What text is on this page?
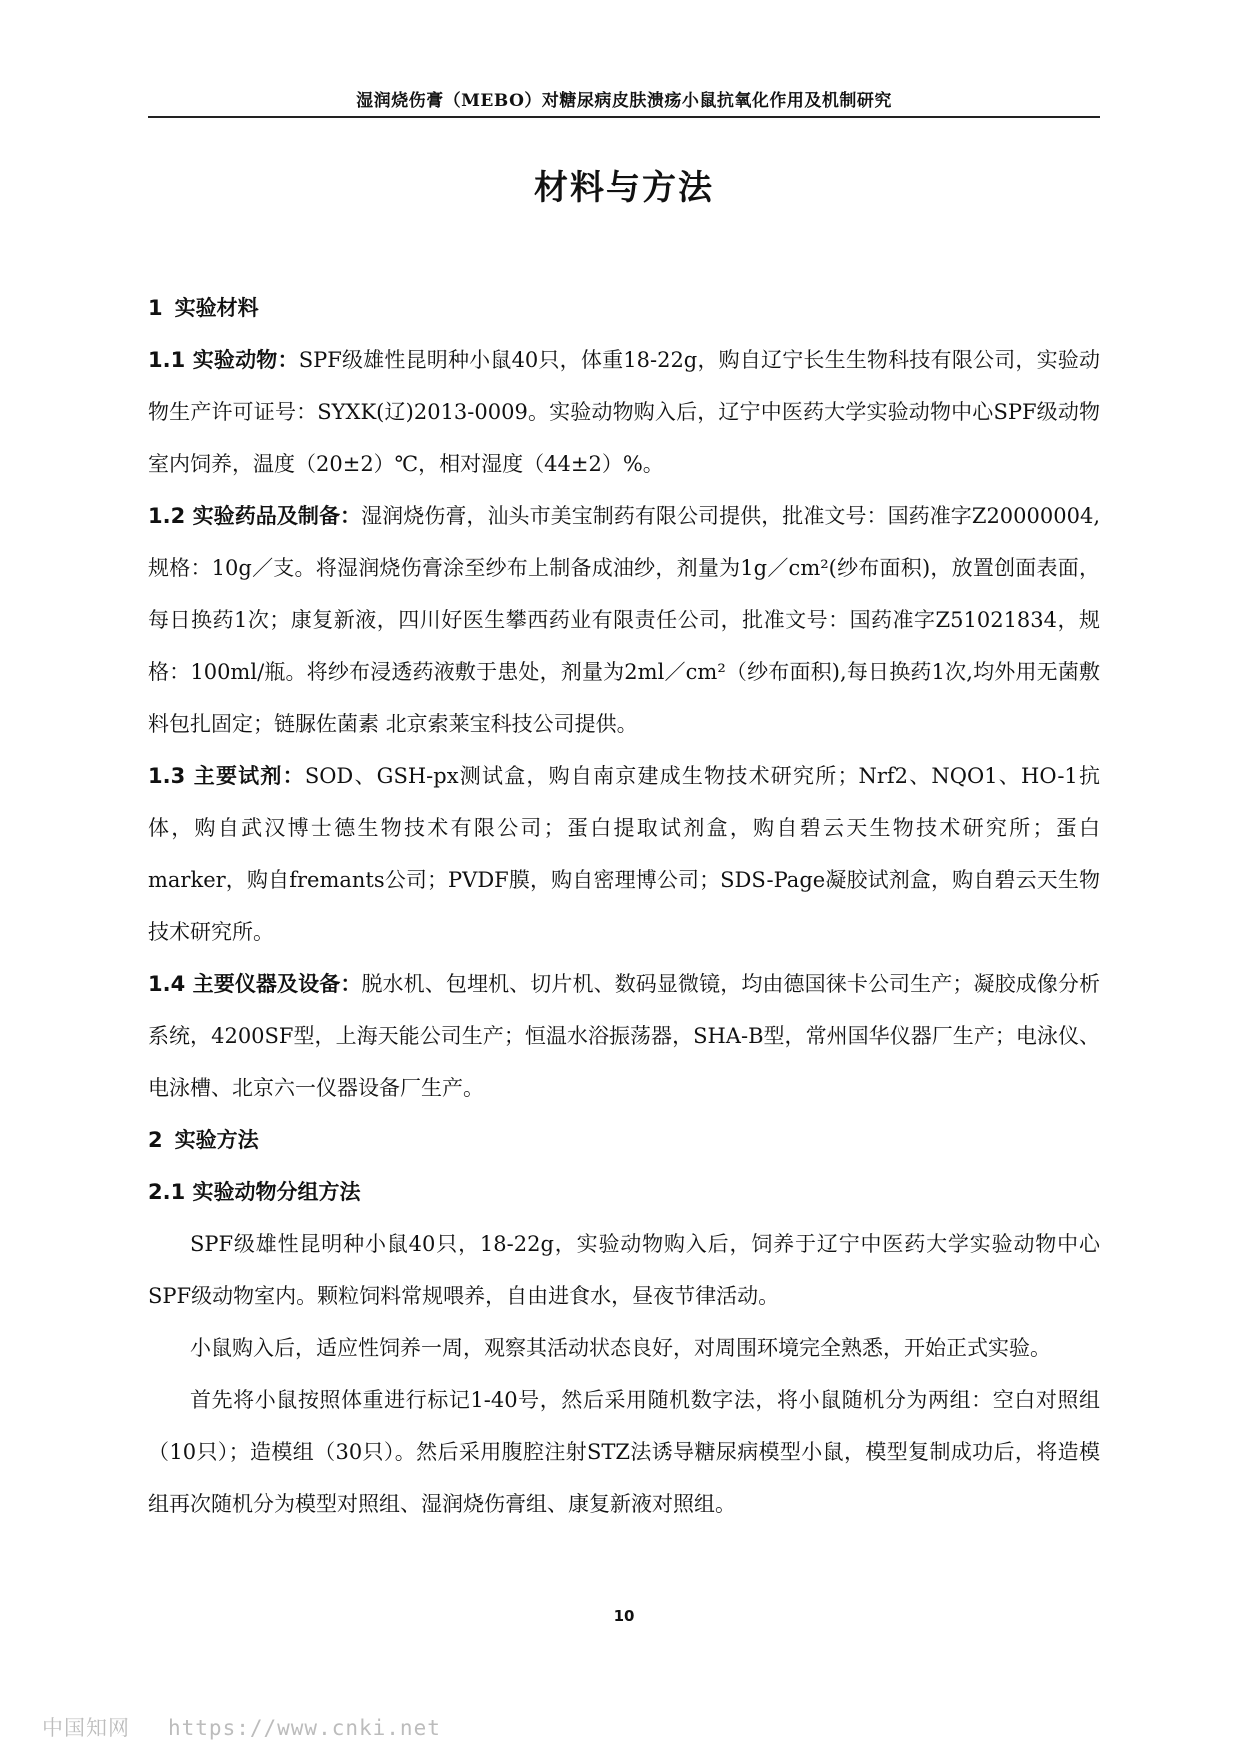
湿润烧伤膏（MEBO）对糖尿病皮肤溃疡小鼠抗氧化作用及机制研究
材料与方法
1 实验材料

1.1 实验动物：SPF级雄性昆明种小鼠40只，体重18-22g，购自辽宁长生生物科技有限公司，实验动物生产许可证号：SYXK(辽)2013-0009。实验动物购入后，辽宁中医药大学实验动物中心SPF级动物室内饲养，温度（20±2）℃，相对湿度（44±2）%。

1.2 实验药品及制备：湿润烧伤膏，汕头市美宝制药有限公司提供，批准文号：国药准字Z20000004,规格：10g／支。将湿润烧伤膏涂至纱布上制备成油纱，剂量为1g／cm²(纱布面积)，放置创面表面，每日换药1次；康复新液，四川好医生攀西药业有限责任公司，批准文号：国药准字Z51021834，规格：100ml/瓶。将纱布浸透药液敷于患处，剂量为2ml／cm²（纱布面积),每日换药1次,均外用无菌敷料包扎固定；链脲佐菌素 北京索莱宝科技公司提供。

1.3 主要试剂：SOD、GSH-px测试盒，购自南京建成生物技术研究所；Nrf2、NQO1、HO-1抗体，购自武汉博士德生物技术有限公司；蛋白提取试剂盒，购自碧云天生物技术研究所；蛋白marker，购自fremants公司；PVDF膜，购自密理博公司；SDS-Page凝胶试剂盒，购自碧云天生物技术研究所。

1.4 主要仪器及设备：脱水机、包埋机、切片机、数码显微镜，均由德国徕卡公司生产；凝胶成像分析系统，4200SF型，上海天能公司生产；恒温水浴振荡器，SHA-B型，常州国华仪器厂生产；电泳仪、电泳槽、北京六一仪器设备厂生产。

2 实验方法
2.1 实验动物分组方法

SPF级雄性昆明种小鼠40只，18-22g，实验动物购入后，饲养于辽宁中医药大学实验动物中心SPF级动物室内。颗粒饲料常规喂养，自由进食水，昼夜节律活动。

小鼠购入后，适应性饲养一周，观察其活动状态良好，对周围环境完全熟悉，开始正式实验。

首先将小鼠按照体重进行标记1-40号，然后采用随机数字法，将小鼠随机分为两组：空白对照组（10只）；造模组（30只）。然后采用腹腔注射STZ法诱导糖尿病模型小鼠，模型复制成功后，将造模组再次随机分为模型对照组、湿润烧伤膏组、康复新液对照组。

10
中国知网 https://www.cnki.net
